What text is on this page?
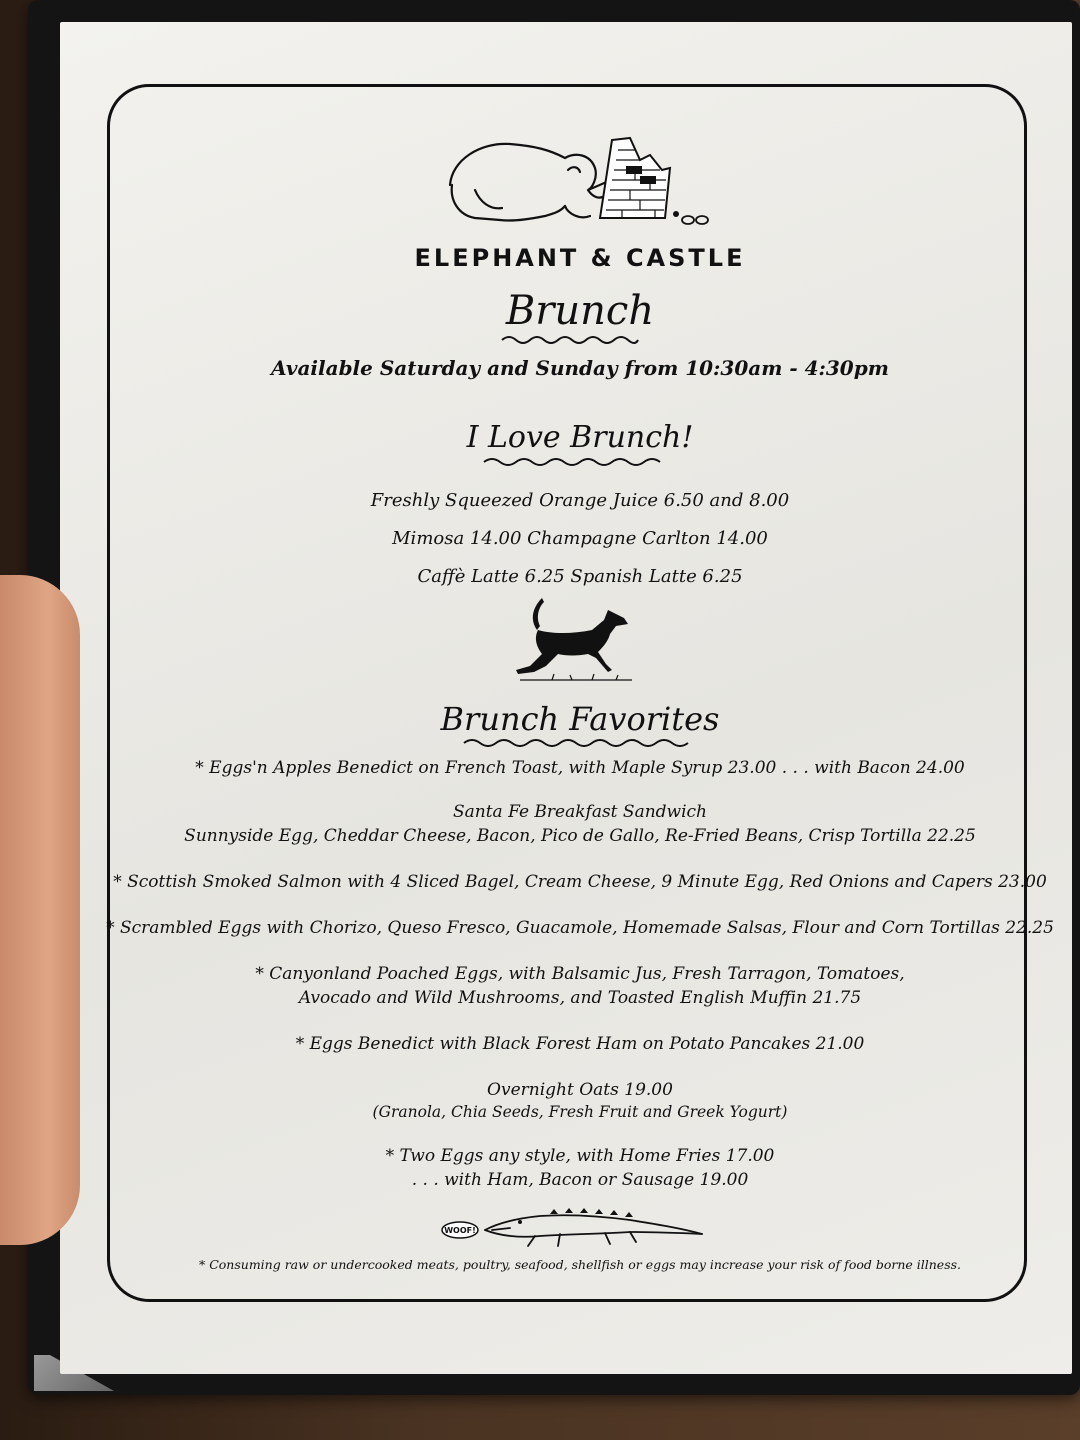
ELEPHANT & CASTLE
Brunch
Available Saturday and Sunday from 10:30am - 4:30pm
I Love Brunch!
Freshly Squeezed Orange Juice 6.50 and 8.00
Mimosa 14.00 Champagne Carlton 14.00
Caffè Latte 6.25 Spanish Latte 6.25
Brunch Favorites
* Eggs'n Apples Benedict on French Toast, with Maple Syrup 23.00 . . . with Bacon 24.00
Santa Fe Breakfast Sandwich
Sunnyside Egg, Cheddar Cheese, Bacon, Pico de Gallo, Re-Fried Beans, Crisp Tortilla 22.25
* Scottish Smoked Salmon with 4 Sliced Bagel, Cream Cheese, 9 Minute Egg, Red Onions and Capers 23.00
* Scrambled Eggs with Chorizo, Queso Fresco, Guacamole, Homemade Salsas, Flour and Corn Tortillas 22.25
* Canyonland Poached Eggs, with Balsamic Jus, Fresh Tarragon, Tomatoes,
Avocado and Wild Mushrooms, and Toasted English Muffin 21.75
* Eggs Benedict with Black Forest Ham on Potato Pancakes 21.00
Overnight Oats 19.00
(Granola, Chia Seeds, Fresh Fruit and Greek Yogurt)
* Two Eggs any style, with Home Fries 17.00
. . . with Ham, Bacon or Sausage 19.00
WOOF!
* Consuming raw or undercooked meats, poultry, seafood, shellfish or eggs may increase your risk of food borne illness.
